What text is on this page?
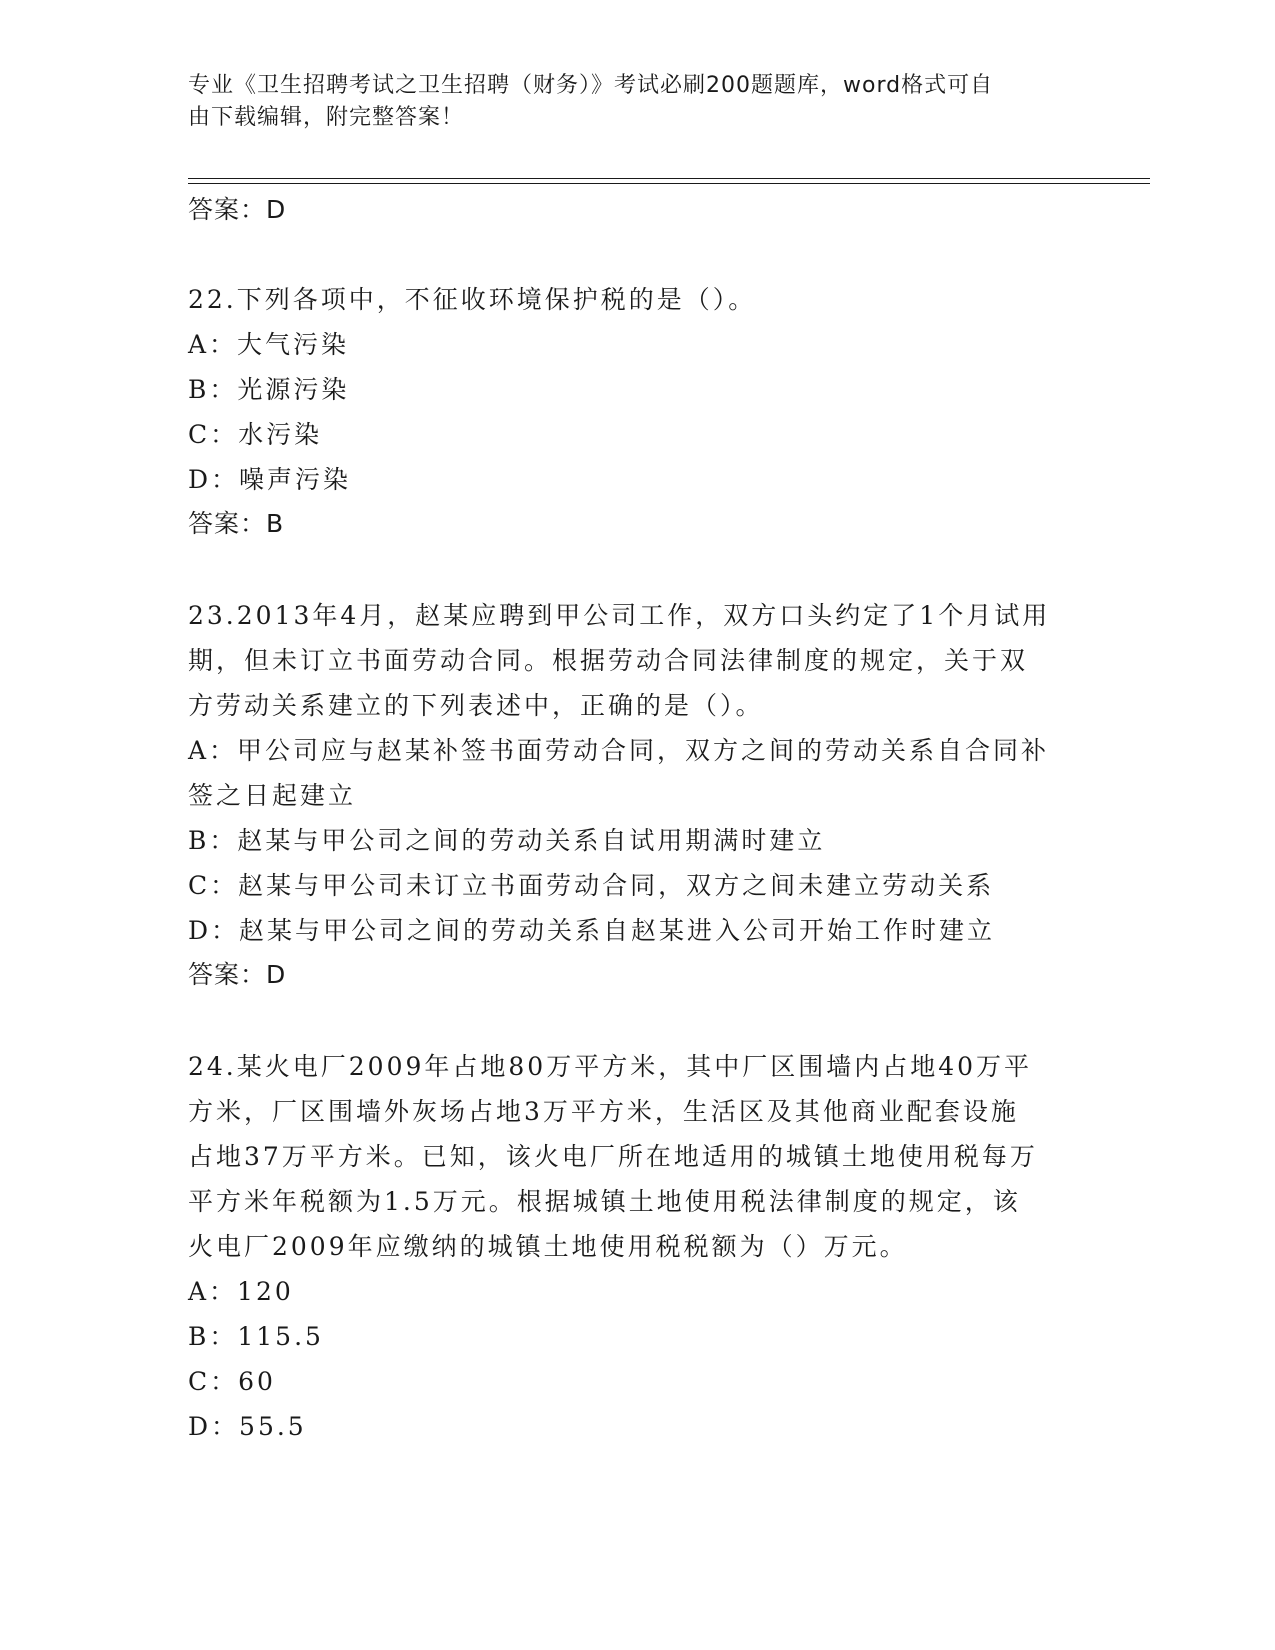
专业《卫生招聘考试之卫生招聘（财务）》考试必刷200题题库，word格式可自
由下载编辑，附完整答案！
答案：D

22.下列各项中，不征收环境保护税的是（）。

A：大气污染

B：光源污染

C：水污染

D：噪声污染

答案：B

23.2013年4月，赵某应聘到甲公司工作，双方口头约定了1个月试用

期，但未订立书面劳动合同。根据劳动合同法律制度的规定，关于双

方劳动关系建立的下列表述中，正确的是（）。

A：甲公司应与赵某补签书面劳动合同，双方之间的劳动关系自合同补

签之日起建立

B：赵某与甲公司之间的劳动关系自试用期满时建立

C：赵某与甲公司未订立书面劳动合同，双方之间未建立劳动关系

D：赵某与甲公司之间的劳动关系自赵某进入公司开始工作时建立

答案：D

24.某火电厂2009年占地80万平方米，其中厂区围墙内占地40万平

方米，厂区围墙外灰场占地3万平方米，生活区及其他商业配套设施

占地37万平方米。已知，该火电厂所在地适用的城镇土地使用税每万

平方米年税额为1.5万元。根据城镇土地使用税法律制度的规定，该

火电厂2009年应缴纳的城镇土地使用税税额为（）万元。

A：120

B：115.5

C：60

D：55.5
